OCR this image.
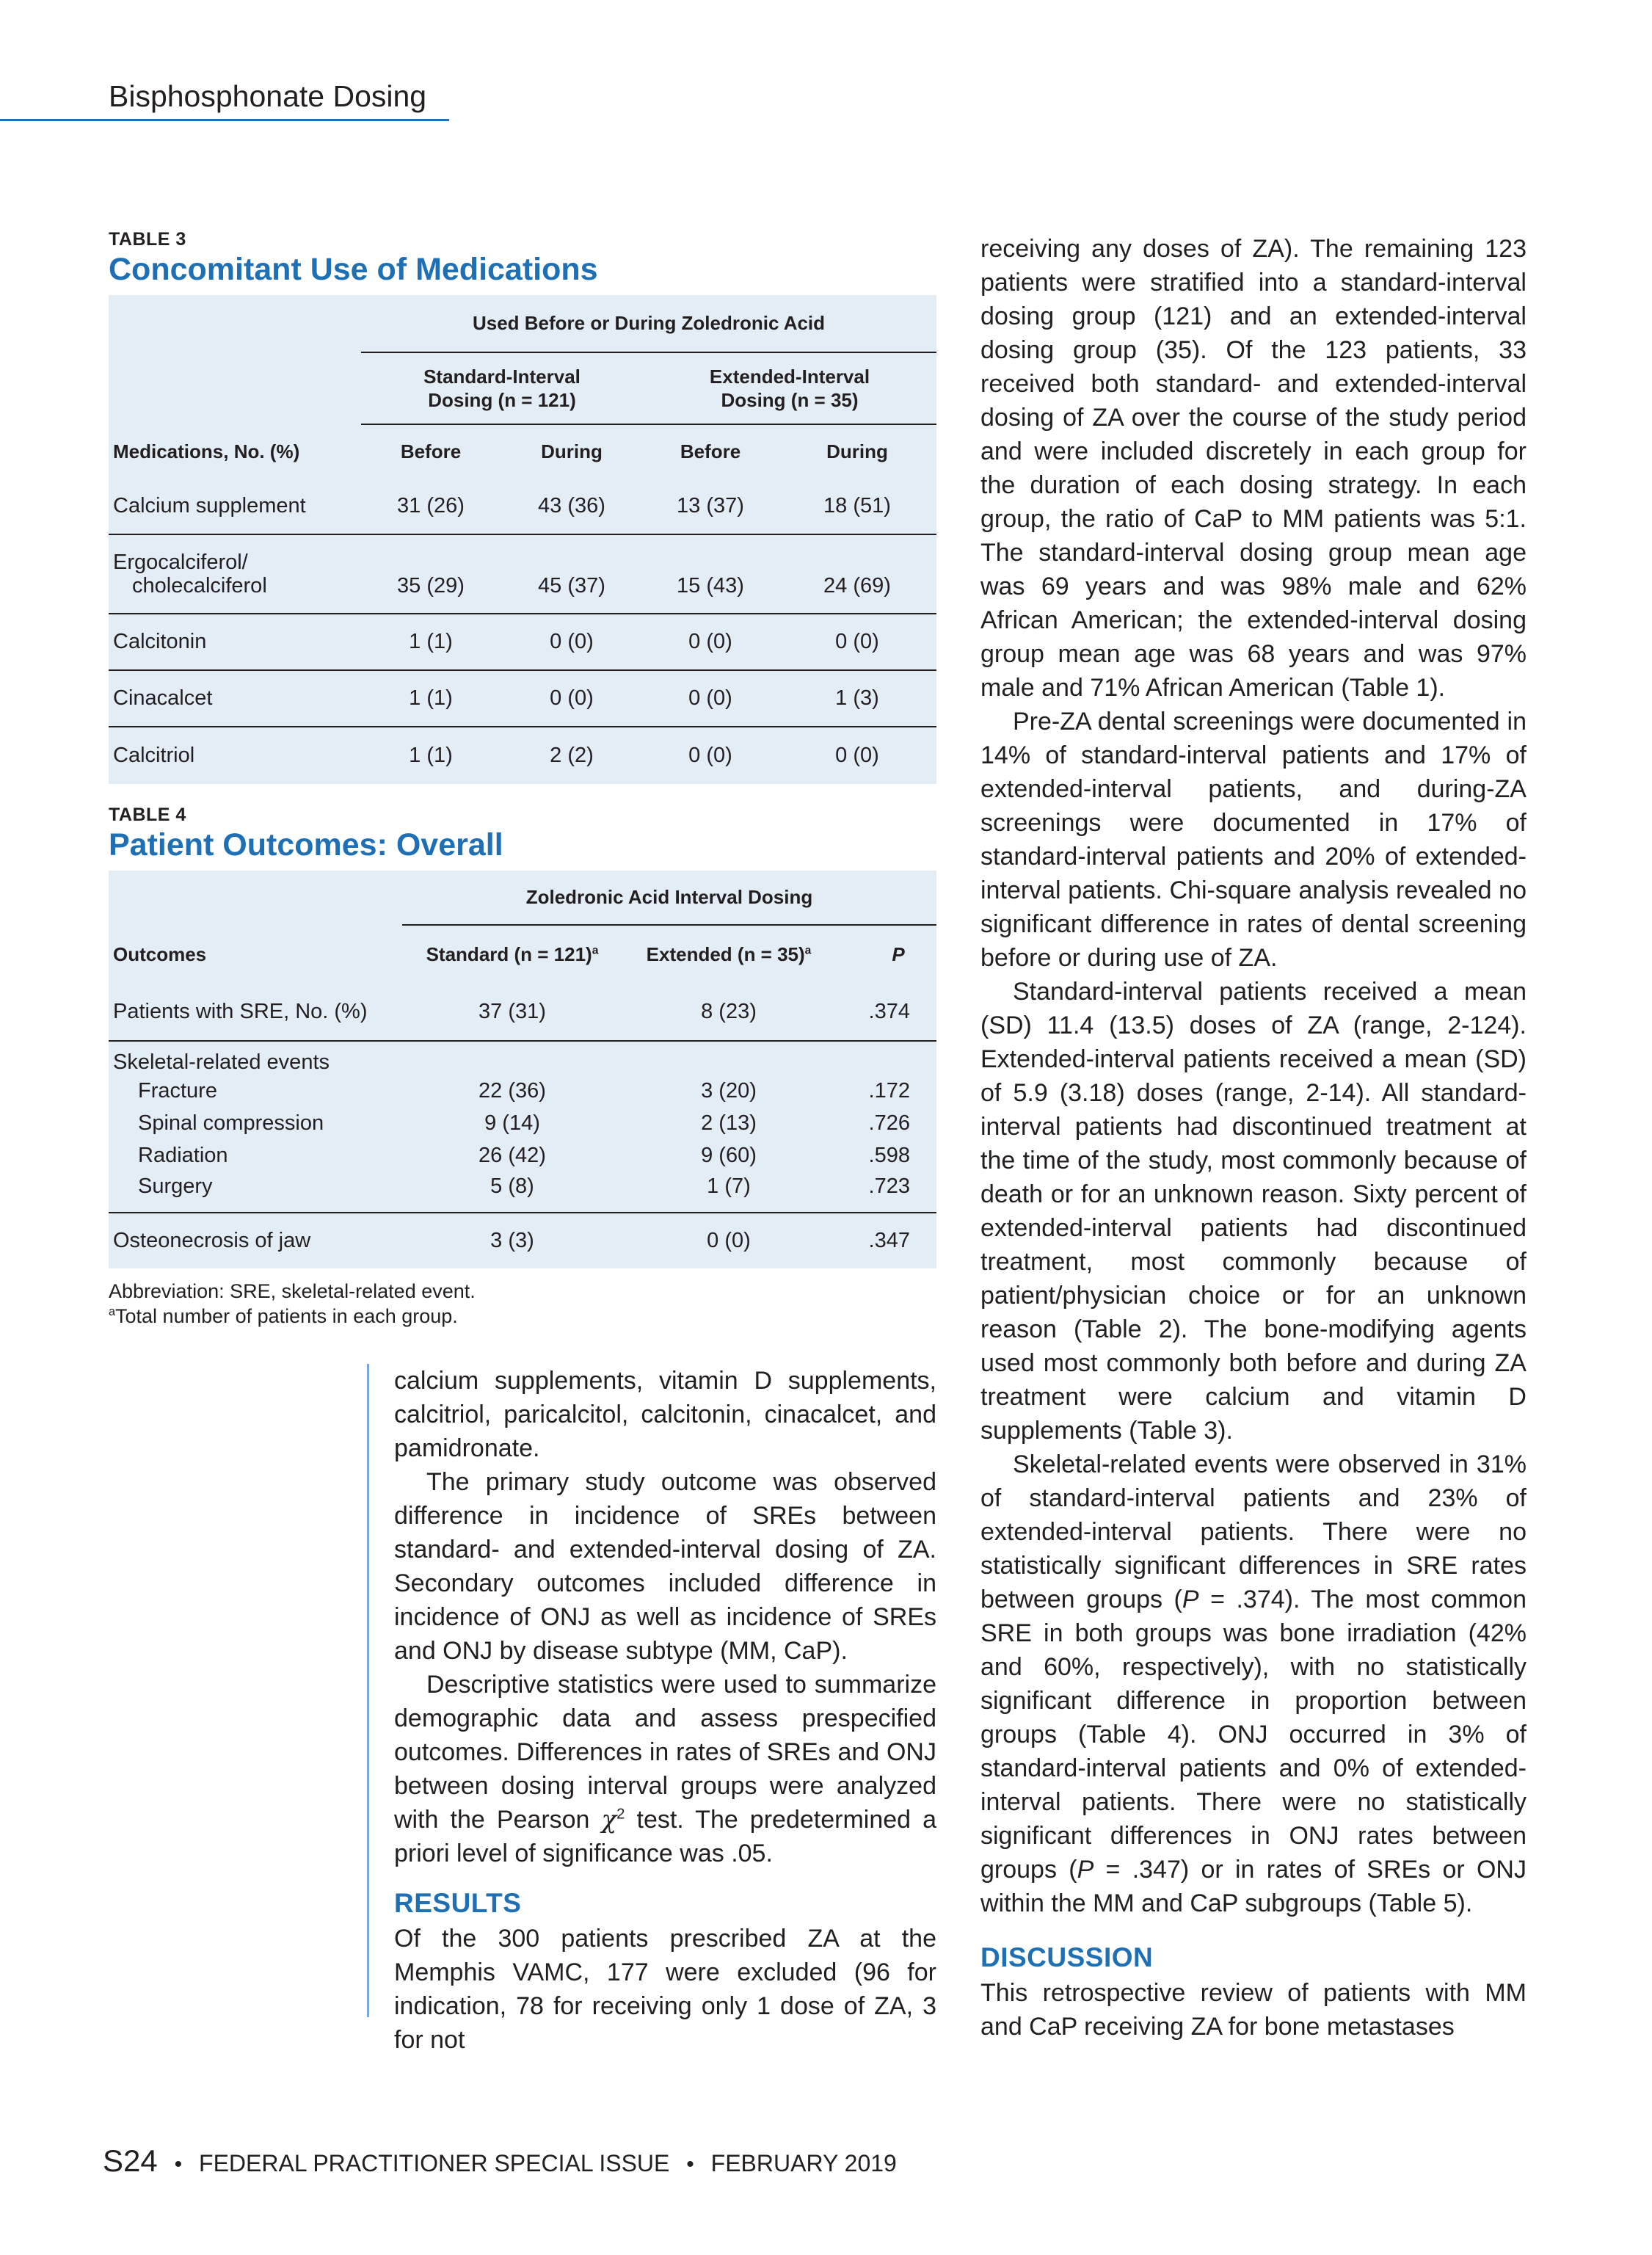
Bisphosphonate Dosing
TABLE 3
Concomitant Use of Medications
	Used Before or During Zoledronic Acid			

	Standard-Interval Dosing (n = 121)		Extended-Interval Dosing (n = 35)	

Medications, No. (%)	Before	During	Before	During
Calcium supplement	31 (26)	43 (36)	13 (37)	18 (51)

Ergocalciferol/
cholecalciferol	35 (29)	45 (37)	15 (43)	24 (69)
Calcitonin	1 (1)	0 (0)	0 (0)	0 (0)
Cinacalcet	1 (1)	0 (0)	0 (0)	1 (3)
Calcitriol	1 (1)	2 (2)	0 (0)	0 (0)
TABLE 4
Patient Outcomes: Overall
	Zoledronic Acid Interval Dosing		
Outcomes	Standard (n = 121)$^a$	Extended (n = 35)$^a$	P
Patients with SRE, No. (%)	37 (31)	8 (23)	.374
Skeletal-related events			
Fracture	22 (36)	3 (20)	.172
Spinal compression	9 (14)	2 (13)	.726
Radiation	26 (42)	9 (60)	.598
Surgery	5 (8)	1 (7)	.723
Osteonecrosis of jaw	3 (3)	0 (0)	.347
Abbreviation: SRE, skeletal-related event.
$^a$Total number of patients in each group.

calcium supplements, vitamin D supplements, calcitriol, paricalcitol, calcitonin, cinacalcet, and pamidronate.

The primary study outcome was observed difference in incidence of SREs between standard- and extended-interval dosing of ZA. Secondary outcomes included difference in incidence of ONJ as well as incidence of SREs and ONJ by disease subtype (MM, CaP).

Descriptive statistics were used to summarize demographic data and assess prespecified outcomes. Differences in rates of SREs and ONJ between dosing interval groups were analyzed with the Pearson $\chi^2$ test. The predetermined a priori level of significance was .05.

RESULTS

Of the 300 patients prescribed ZA at the Memphis VAMC, 177 were excluded (96 for indication, 78 for receiving only 1 dose of ZA, 3 for not

receiving any doses of ZA). The remaining 123 patients were stratified into a standard-interval dosing group (121) and an extended-interval dosing group (35). Of the 123 patients, 33 received both standard- and extended-interval dosing of ZA over the course of the study period and were included discretely in each group for the duration of each dosing strategy. In each group, the ratio of CaP to MM patients was 5:1. The standard-interval dosing group mean age was 69 years and was 98% male and 62% African American; the extended-interval dosing group mean age was 68 years and was 97% male and 71% African American (Table 1).

Pre-ZA dental screenings were documented in 14% of standard-interval patients and 17% of extended-interval patients, and during-ZA screenings were documented in 17% of standard-interval patients and 20% of extended-interval patients. Chi-square analysis revealed no significant difference in rates of dental screening before or during use of ZA.

Standard-interval patients received a mean (SD) 11.4 (13.5) doses of ZA (range, 2-124). Extended-interval patients received a mean (SD) of 5.9 (3.18) doses (range, 2-14). All standard-interval patients had discontinued treatment at the time of the study, most commonly because of death or for an unknown reason. Sixty percent of extended-interval patients had discontinued treatment, most commonly because of patient/physician choice or for an unknown reason (Table 2). The bone-modifying agents used most commonly both before and during ZA treatment were calcium and vitamin D supplements (Table 3).

Skeletal-related events were observed in 31% of standard-interval patients and 23% of extended-interval patients. There were no statistically significant differences in SRE rates between groups (P = .374). The most common SRE in both groups was bone irradiation (42% and 60%, respectively), with no statistically significant difference in proportion between groups (Table 4). ONJ occurred in 3% of standard-interval patients and 0% of extended-interval patients. There were no statistically significant differences in ONJ rates between groups (P = .347) or in rates of SREs or ONJ within the MM and CaP subgroups (Table 5).

DISCUSSION

This retrospective review of patients with MM and CaP receiving ZA for bone metastases

S24 • FEDERAL PRACTITIONER SPECIAL ISSUE • FEBRUARY 2019
